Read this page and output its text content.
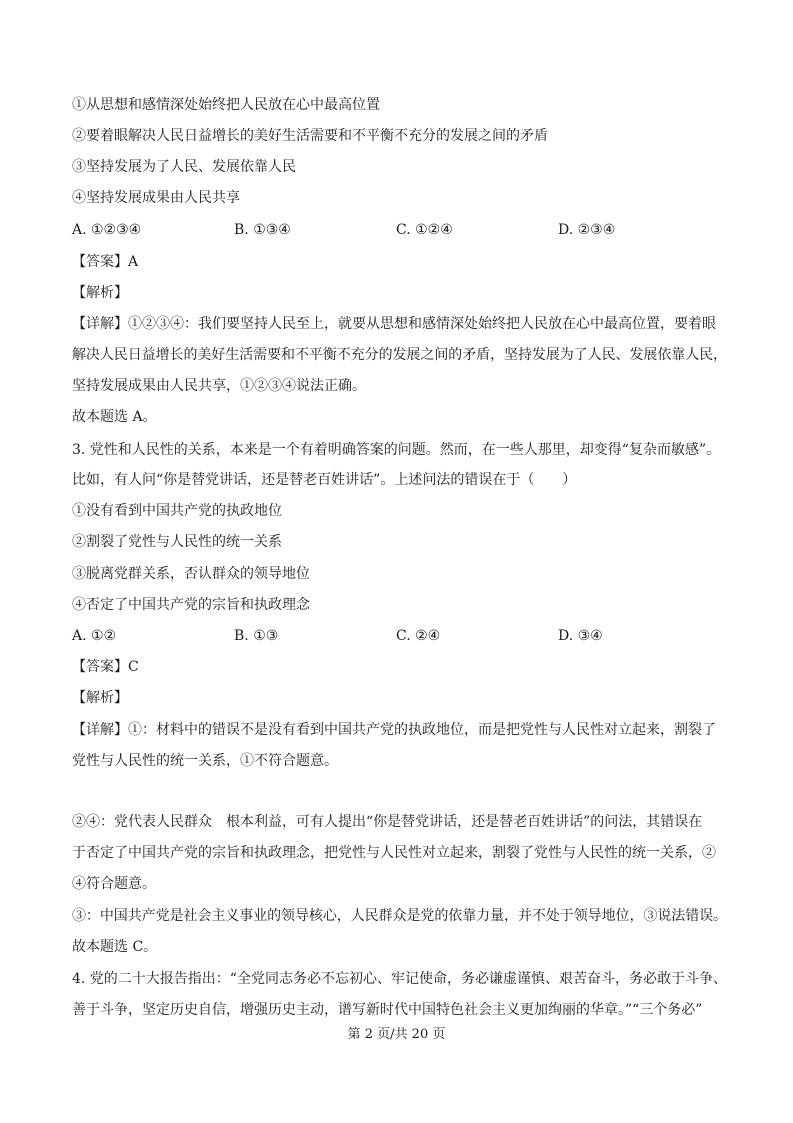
①从思想和感情深处始终把人民放在心中最高位置
②要着眼解决人民日益增长的美好生活需要和不平衡不充分的发展之间的矛盾
③坚持发展为了人民、发展依靠人民
④坚持发展成果由人民共享
A. ①②③④	B. ①③④	C. ①②④	D. ②③④
【答案】A
【解析】
【详解】①②③④：我们要坚持人民至上，就要从思想和感情深处始终把人民放在心中最高位置，要着眼
解决人民日益增长的美好生活需要和不平衡不充分的发展之间的矛盾，坚持发展为了人民、发展依靠人民，
坚持发展成果由人民共享，①②③④说法正确。
故本题选 A。
3. 党性和人民性的关系，本来是一个有着明确答案的问题。然而，在一些人那里，却变得“复杂而敏感”。
比如，有人问“你是替党讲话，还是替老百姓讲话”。上述问法的错误在于（　　）
①没有看到中国共产党的执政地位
②割裂了党性与人民性的统一关系
③脱离党群关系，否认群众的领导地位
④否定了中国共产党的宗旨和执政理念
A. ①②	B. ①③	C. ②④	D. ③④
【答案】C
【解析】
【详解】①：材料中的错误不是没有看到中国共产党的执政地位，而是把党性与人民性对立起来，割裂了
党性与人民性的统一关系，①不符合题意。
②④：党代表人民群众　根本利益，可有人提出“你是替党讲话，还是替老百姓讲话”的问法，其错误在
于否定了中国共产党的宗旨和执政理念，把党性与人民性对立起来，割裂了党性与人民性的统一关系，②
④符合题意。
③：中国共产党是社会主义事业的领导核心，人民群众是党的依靠力量，并不处于领导地位，③说法错误。
故本题选 C。
4. 党的二十大报告指出：“全党同志务必不忘初心、牢记使命，务必谦虚谨慎、艰苦奋斗，务必敢于斗争、
善于斗争，坚定历史自信，增强历史主动，谱写新时代中国特色社会主义更加绚丽的华章。”“三个务必”
第 2 页/共 20 页
